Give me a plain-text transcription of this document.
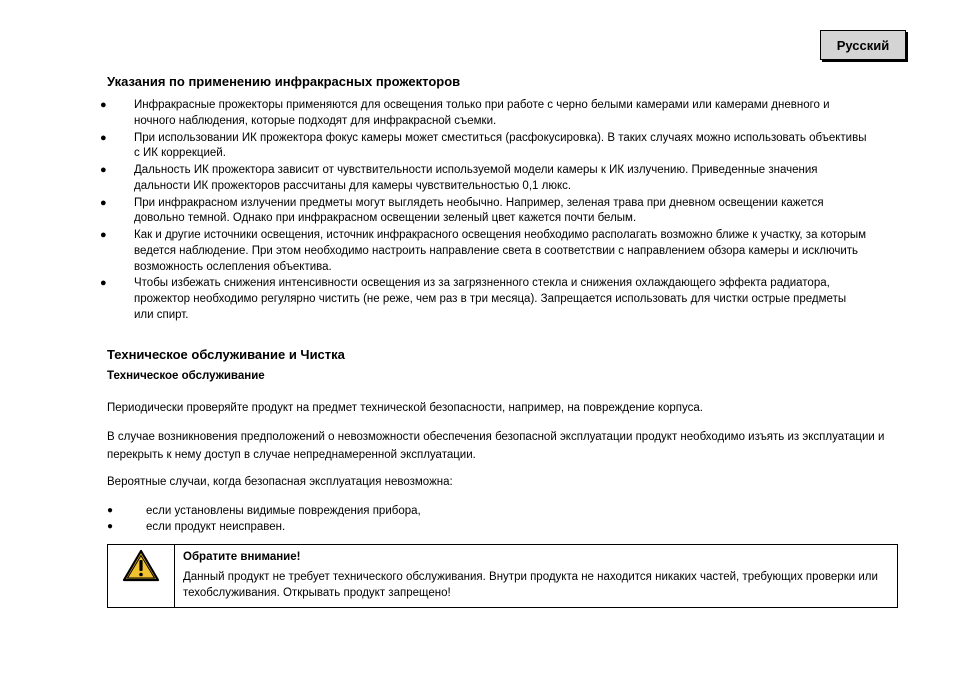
Русский
Указания по применению инфракрасных прожекторов
● Инфракрасные прожекторы применяются для освещения только при работе с черно белыми камерами или камерами дневного и ночного наблюдения, которые подходят для инфракрасной съемки.
● При использовании ИК прожектора фокус камеры может сместиться (расфокусировка). В таких случаях можно использовать объективы с ИК коррекцией.
● Дальность ИК прожектора зависит от чувствительности используемой модели камеры к ИК излучению. Приведенные значения дальности ИК прожекторов рассчитаны для камеры чувствительностью 0,1 люкс.
● При инфракрасном излучении предметы могут выглядеть необычно. Например, зеленая трава при дневном освещении кажется довольно темной. Однако при инфракрасном освещении зеленый цвет кажется почти белым.
● Как и другие источники освещения, источник инфракрасного освещения необходимо располагать возможно ближе к участку, за которым ведется наблюдение. При этом необходимо настроить направление света в соответствии с направлением обзора камеры и исключить возможность ослепления объектива.
● Чтобы избежать снижения интенсивности освещения из за загрязненного стекла и снижения охлаждающего эффекта радиатора, прожектор необходимо регулярно чистить (не реже, чем раз в три месяца). Запрещается использовать для чистки острые предметы или спирт.
Техническое обслуживание и Чистка

Техническое обслуживание

Периодически проверяйте продукт на предмет технической безопасности, например, на повреждение корпуса.

В случае возникновения предположений о невозможности обеспечения безопасной эксплуатации продукт необходимо изъять из эксплуатации и перекрыть к нему доступ в случае непреднамеренной эксплуатации.

Вероятные случаи, когда безопасная эксплуатация невозможна:

●	если установлены видимые повреждения прибора,
●	если продукт неисправен.
Обратите внимание!
Данный продукт не требует технического обслуживания. Внутри продукта не находится никаких частей, требующих проверки или техобслуживания. Открывать продукт запрещено!
